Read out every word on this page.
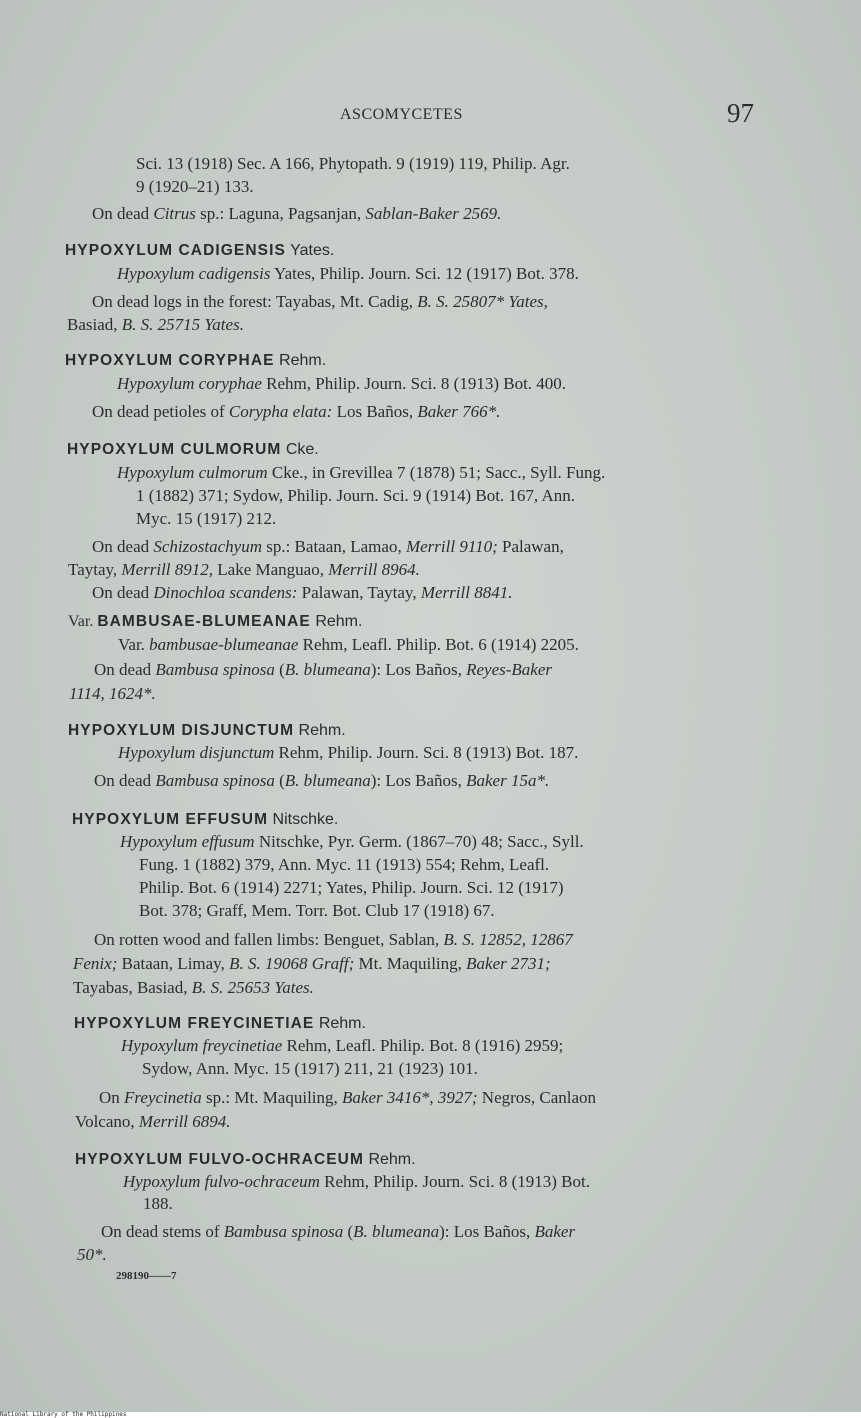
ASCOMYCETES	97
Sci. 13 (1918) Sec. A 166, Phytopath. 9 (1919) 119, Philip. Agr.
9 (1920–21) 133.
On dead Citrus sp.: Laguna, Pagsanjan, Sablan-Baker 2569.
HYPOXYLUM CADIGENSIS Yates.
Hypoxylum cadigensis Yates, Philip. Journ. Sci. 12 (1917) Bot. 378.
On dead logs in the forest: Tayabas, Mt. Cadig, B. S. 25807* Yates,
Basiad, B. S. 25715 Yates.
HYPOXYLUM CORYPHAE Rehm.
Hypoxylum coryphae Rehm, Philip. Journ. Sci. 8 (1913) Bot. 400.
On dead petioles of Corypha elata: Los Baños, Baker 766*.
HYPOXYLUM CULMORUM Cke.
Hypoxylum culmorum Cke., in Grevillea 7 (1878) 51; Sacc., Syll. Fung.
1 (1882) 371; Sydow, Philip. Journ. Sci. 9 (1914) Bot. 167, Ann.
Myc. 15 (1917) 212.
On dead Schizostachyum sp.: Bataan, Lamao, Merrill 9110; Palawan,
Taytay, Merrill 8912, Lake Manguao, Merrill 8964.
On dead Dinochloa scandens: Palawan, Taytay, Merrill 8841.
Var. BAMBUSAE-BLUMEANAE Rehm.
Var. bambusae-blumeanae Rehm, Leafl. Philip. Bot. 6 (1914) 2205.
On dead Bambusa spinosa (B. blumeana): Los Baños, Reyes-Baker
1114, 1624*.
HYPOXYLUM DISJUNCTUM Rehm.
Hypoxylum disjunctum Rehm, Philip. Journ. Sci. 8 (1913) Bot. 187.
On dead Bambusa spinosa (B. blumeana): Los Baños, Baker 15a*.
HYPOXYLUM EFFUSUM Nitschke.
Hypoxylum effusum Nitschke, Pyr. Germ. (1867–70) 48; Sacc., Syll.
Fung. 1 (1882) 379, Ann. Myc. 11 (1913) 554; Rehm, Leafl.
Philip. Bot. 6 (1914) 2271; Yates, Philip. Journ. Sci. 12 (1917)
Bot. 378; Graff, Mem. Torr. Bot. Club 17 (1918) 67.
On rotten wood and fallen limbs: Benguet, Sablan, B. S. 12852, 12867
Fenix; Bataan, Limay, B. S. 19068 Graff; Mt. Maquiling, Baker 2731;
Tayabas, Basiad, B. S. 25653 Yates.
HYPOXYLUM FREYCINETIAE Rehm.
Hypoxylum freycinetiae Rehm, Leafl. Philip. Bot. 8 (1916) 2959;
Sydow, Ann. Myc. 15 (1917) 211, 21 (1923) 101.
On Freycinetia sp.: Mt. Maquiling, Baker 3416*, 3927; Negros, Canlaon
Volcano, Merrill 6894.
HYPOXYLUM FULVO-OCHRACEUM Rehm.
Hypoxylum fulvo-ochraceum Rehm, Philip. Journ. Sci. 8 (1913) Bot.
188.
On dead stems of Bambusa spinosa (B. blumeana): Los Baños, Baker
50*.
298190——7
National Library of the Philippines
